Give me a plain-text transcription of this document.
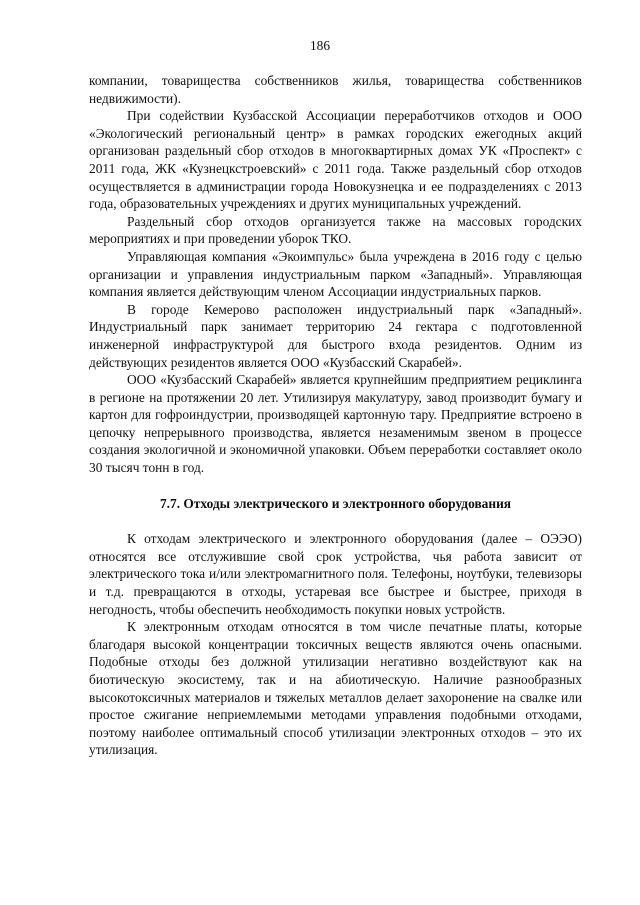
186

компании, товарищества собственников жилья, товарищества собственников недвижимости).

При содействии Кузбасской Ассоциации переработчиков отходов и ООО «Экологический региональный центр» в рамках городских ежегодных акций организован раздельный сбор отходов в многоквартирных домах УК «Проспект» с 2011 года, ЖК «Кузнецкстроевский» с 2011 года. Также раздельный сбор отходов осуществляется в администрации города Новокузнецка и ее подразделениях с 2013 года, образовательных учреждениях и других муниципальных учреждений.

Раздельный сбор отходов организуется также на массовых городских мероприятиях и при проведении уборок ТКО.

Управляющая компания «Экоимпульс» была учреждена в 2016 году с целью организации и управления индустриальным парком «Западный». Управляющая компания является действующим членом Ассоциации индустриальных парков.

В городе Кемерово расположен индустриальный парк «Западный». Индустриальный парк занимает территорию 24 гектара с подготовленной инженерной инфраструктурой для быстрого входа резидентов. Одним из действующих резидентов является ООО «Кузбасский Скарабей».

ООО «Кузбасский Скарабей» является крупнейшим предприятием рециклинга в регионе на протяжении 20 лет. Утилизируя макулатуру, завод производит бумагу и картон для гофроиндустрии, производящей картонную тару. Предприятие встроено в цепочку непрерывного производства, является незаменимым звеном в процессе создания экологичной и экономичной упаковки. Объем переработки составляет около 30 тысяч тонн в год.

7.7. Отходы электрического и электронного оборудования

К отходам электрического и электронного оборудования (далее – ОЭЭО) относятся все отслужившие свой срок устройства, чья работа зависит от электрического тока и/или электромагнитного поля. Телефоны, ноутбуки, телевизоры и т.д. превращаются в отходы, устаревая все быстрее и быстрее, приходя в негодность, чтобы обеспечить необходимость покупки новых устройств.

К электронным отходам относятся в том числе печатные платы, которые благодаря высокой концентрации токсичных веществ являются очень опасными. Подобные отходы без должной утилизации негативно воздействуют как на биотическую экосистему, так и на абиотическую. Наличие разнообразных высокотоксичных материалов и тяжелых металлов делает захоронение на свалке или простое сжигание неприемлемыми методами управления подобными отходами, поэтому наиболее оптимальный способ утилизации электронных отходов – это их утилизация.
